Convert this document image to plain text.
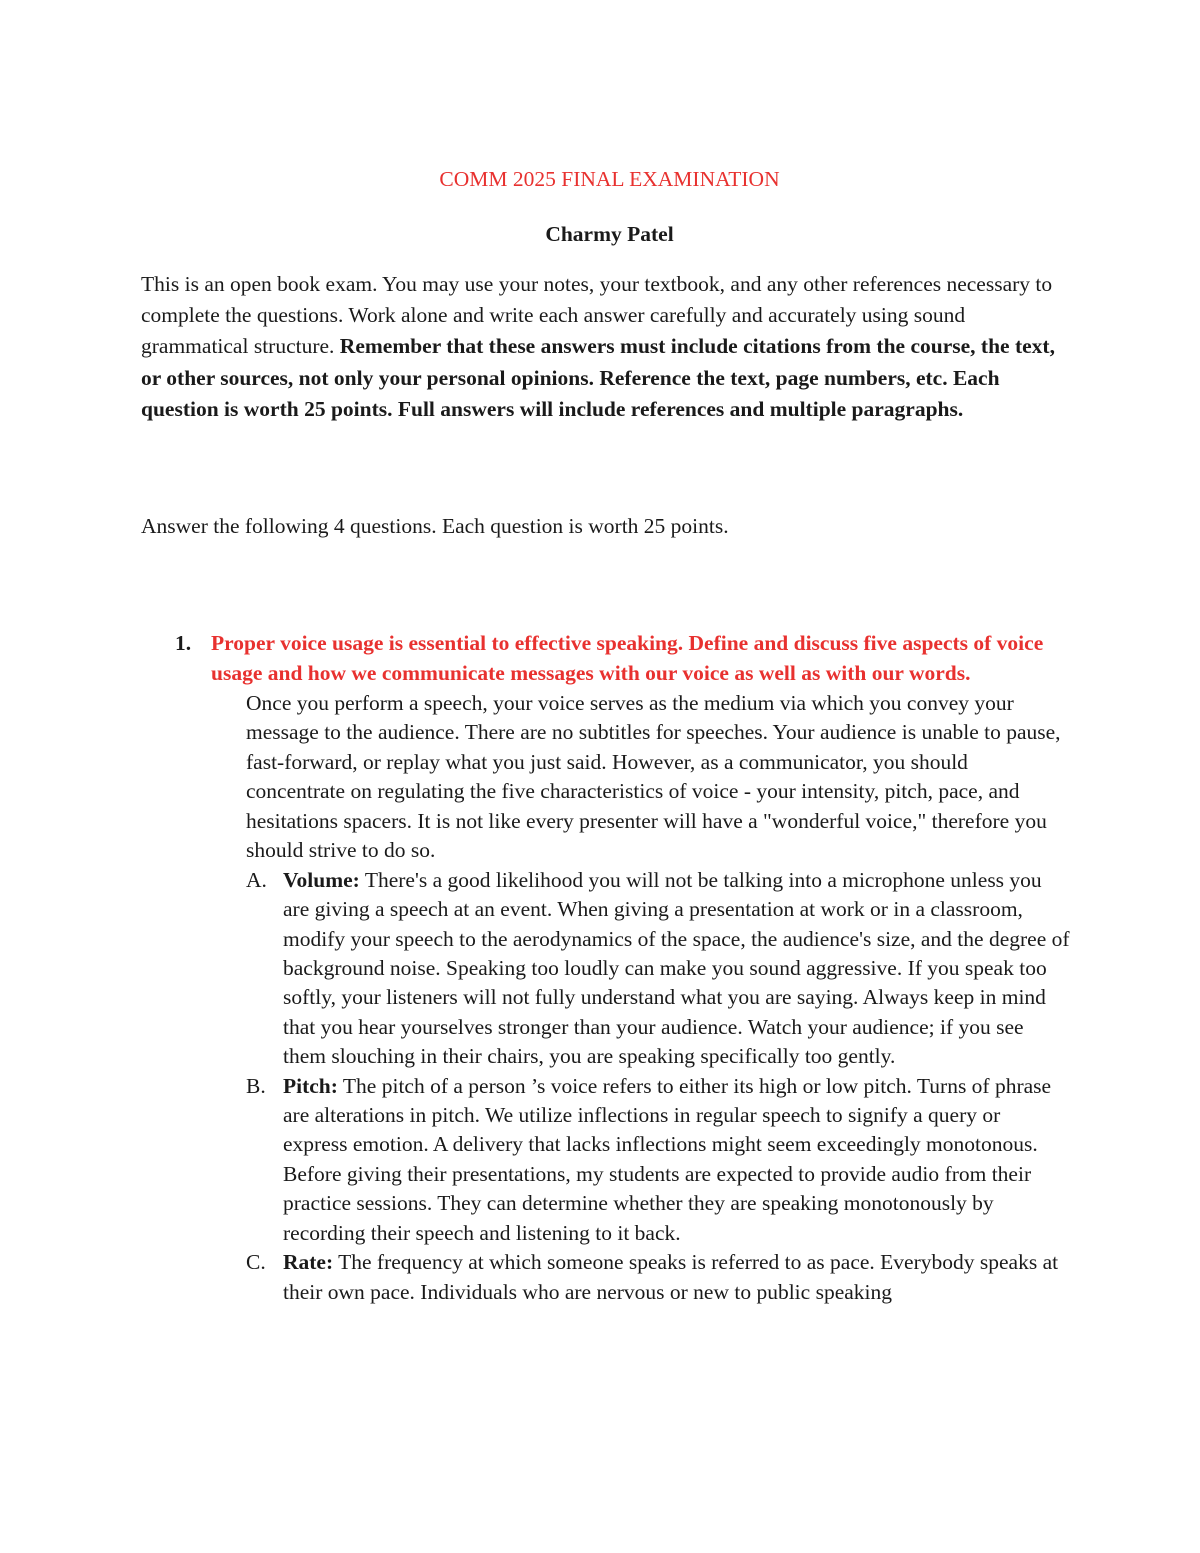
COMM 2025 FINAL EXAMINATION

Charmy Patel

This is an open book exam. You may use your notes, your textbook, and any other references necessary to complete the questions. Work alone and write each answer carefully and accurately using sound grammatical structure. Remember that these answers must include citations from the course, the text, or other sources, not only your personal opinions. Reference the text, page numbers, etc. Each question is worth 25 points. Full answers will include references and multiple paragraphs.

Answer the following 4 questions. Each question is worth 25 points.

1. Proper voice usage is essential to effective speaking. Define and discuss five aspects of voice usage and how we communicate messages with our voice as well as with our words.

Once you perform a speech, your voice serves as the medium via which you convey your message to the audience. There are no subtitles for speeches. Your audience is unable to pause, fast-forward, or replay what you just said. However, as a communicator, you should concentrate on regulating the five characteristics of voice - your intensity, pitch, pace, and hesitations spacers. It is not like every presenter will have a "wonderful voice," therefore you should strive to do so.

A. Volume: There's a good likelihood you will not be talking into a microphone unless you are giving a speech at an event. When giving a presentation at work or in a classroom, modify your speech to the aerodynamics of the space, the audience's size, and the degree of background noise. Speaking too loudly can make you sound aggressive. If you speak too softly, your listeners will not fully understand what you are saying. Always keep in mind that you hear yourselves stronger than your audience. Watch your audience; if you see them slouching in their chairs, you are speaking specifically too gently.
B. Pitch: The pitch of a person ’s voice refers to either its high or low pitch. Turns of phrase are alterations in pitch. We utilize inflections in regular speech to signify a query or express emotion. A delivery that lacks inflections might seem exceedingly monotonous. Before giving their presentations, my students are expected to provide audio from their practice sessions. They can determine whether they are speaking monotonously by recording their speech and listening to it back.
C. Rate: The frequency at which someone speaks is referred to as pace. Everybody speaks at their own pace. Individuals who are nervous or new to public speaking
